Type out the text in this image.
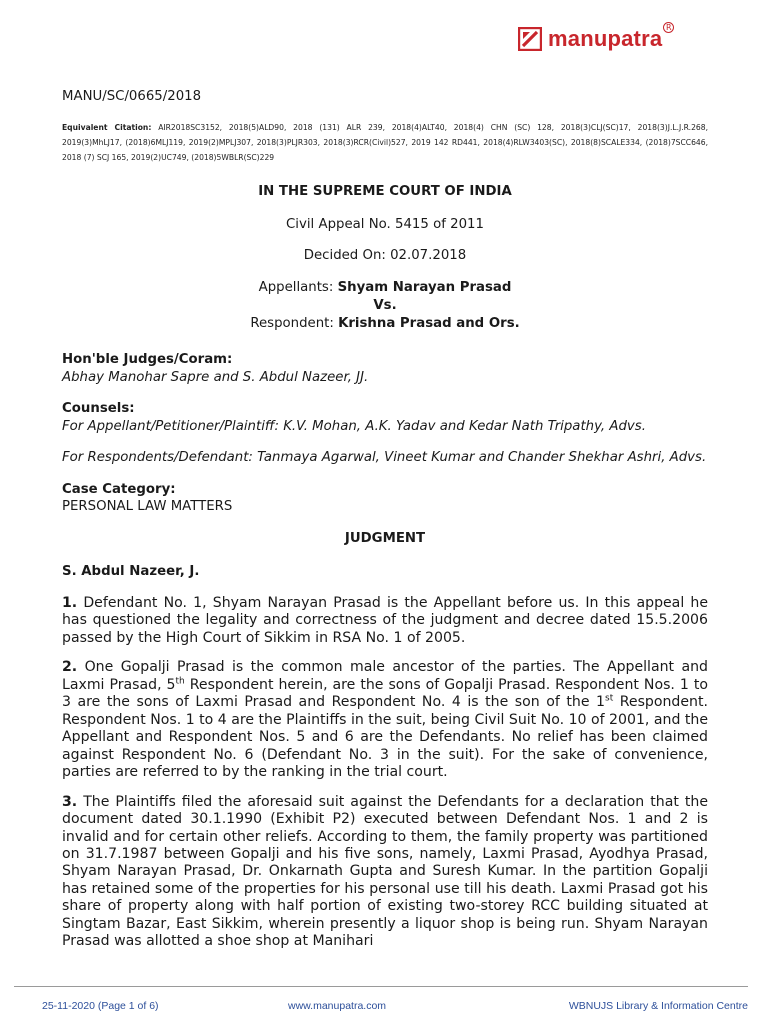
manupatra R
MANU/SC/0665/2018
Equivalent Citation: AIR2018SC3152, 2018(5)ALD90, 2018 (131) ALR 239, 2018(4)ALT40, 2018(4) CHN (SC) 128, 2018(3)CLJ(SC)17, 2018(3)J.L.J.R.268, 2019(3)MhLJ17, (2018)6MLJ119, 2019(2)MPLJ307, 2018(3)PLJR303, 2018(3)RCR(Civil)527, 2019 142 RD441, 2018(4)RLW3403(SC), 2018(8)SCALE334, (2018)7SCC646, 2018 (7) SCJ 165, 2019(2)UC749, (2018)5WBLR(SC)229
IN THE SUPREME COURT OF INDIA
Civil Appeal No. 5415 of 2011
Decided On: 02.07.2018
Appellants: Shyam Narayan Prasad
Vs.
Respondent: Krishna Prasad and Ors.
Hon'ble Judges/Coram:
Abhay Manohar Sapre and S. Abdul Nazeer, JJ.
Counsels:
For Appellant/Petitioner/Plaintiff: K.V. Mohan, A.K. Yadav and Kedar Nath Tripathy, Advs.
For Respondents/Defendant: Tanmaya Agarwal, Vineet Kumar and Chander Shekhar Ashri, Advs.
Case Category:
PERSONAL LAW MATTERS
JUDGMENT
S. Abdul Nazeer, J.
1. Defendant No. 1, Shyam Narayan Prasad is the Appellant before us. In this appeal he has questioned the legality and correctness of the judgment and decree dated 15.5.2006 passed by the High Court of Sikkim in RSA No. 1 of 2005.
2. One Gopalji Prasad is the common male ancestor of the parties. The Appellant and Laxmi Prasad, 5th Respondent herein, are the sons of Gopalji Prasad. Respondent Nos. 1 to 3 are the sons of Laxmi Prasad and Respondent No. 4 is the son of the 1st Respondent. Respondent Nos. 1 to 4 are the Plaintiffs in the suit, being Civil Suit No. 10 of 2001, and the Appellant and Respondent Nos. 5 and 6 are the Defendants. No relief has been claimed against Respondent No. 6 (Defendant No. 3 in the suit). For the sake of convenience, parties are referred to by the ranking in the trial court.
3. The Plaintiffs filed the aforesaid suit against the Defendants for a declaration that the document dated 30.1.1990 (Exhibit P2) executed between Defendant Nos. 1 and 2 is invalid and for certain other reliefs. According to them, the family property was partitioned on 31.7.1987 between Gopalji and his five sons, namely, Laxmi Prasad, Ayodhya Prasad, Shyam Narayan Prasad, Dr. Onkarnath Gupta and Suresh Kumar. In the partition Gopalji has retained some of the properties for his personal use till his death. Laxmi Prasad got his share of property along with half portion of existing two-storey RCC building situated at Singtam Bazar, East Sikkim, wherein presently a liquor shop is being run. Shyam Narayan Prasad was allotted a shoe shop at Manihari
25-11-2020 (Page 1 of 6)	www.manupatra.com	WBNUJS Library & Information Centre
